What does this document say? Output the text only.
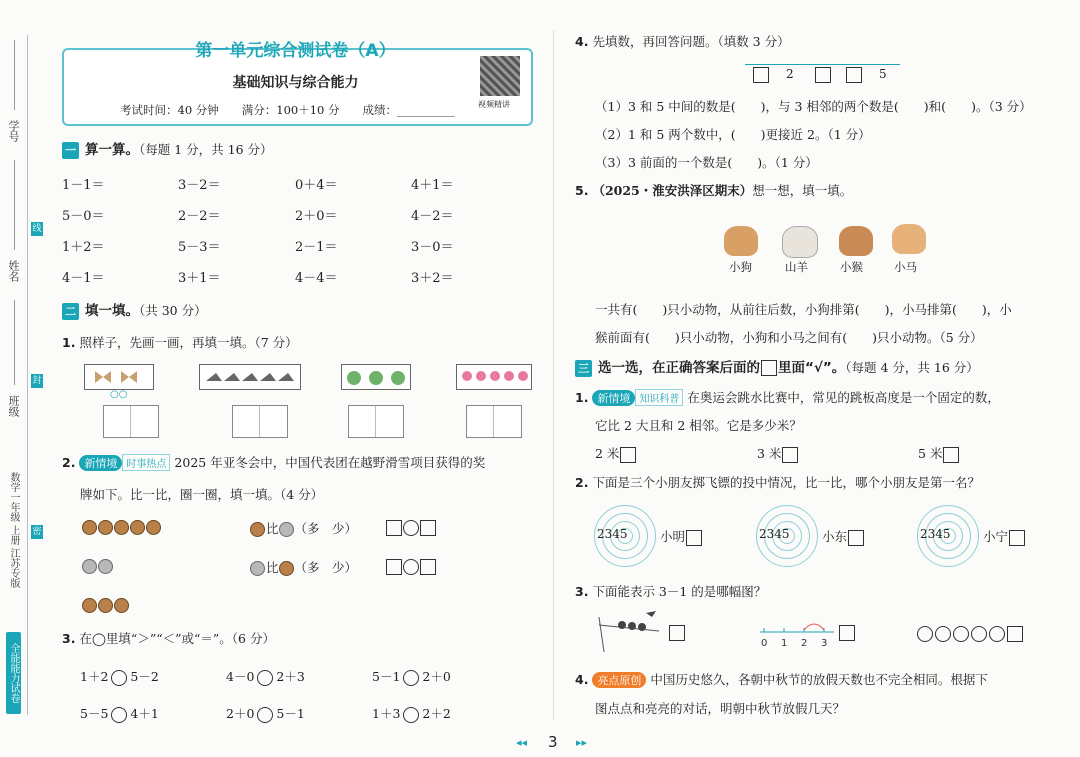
学号
姓名
班级
数学一年级 上册 江苏专版
全能能力试卷
线
封
密
第一单元综合测试卷（A）
基础知识与综合能力
考试时间：40 分钟　　满分：100＋10 分　　成绩：__________	视频精讲
一 算一算。（每题 1 分，共 16 分）
1－1＝	3－2＝	0＋4＝	4＋1＝
5－0＝	2－2＝	2＋0＝	4－2＝
1＋2＝	5－3＝	2－1＝	3－0＝
4－1＝	3＋1＝	4－4＝	3＋2＝
二 填一填。（共 30 分）
1. 照样子，先画一画，再填一填。（7 分）
○○
2. 新情境 时事热点 2025 年亚冬会中，中国代表团在越野滑雪项目获得的奖
牌如下。比一比，圈一圈，填一填。（4 分）
比 （多　少）
比 （多　少）
3. 在◯里填“＞”“＜”或“＝”。（6 分）
1＋2 5－2	4－0 2＋3	5－1 2＋0
5－5 4＋1	2＋0 5－1	1＋3 2＋2
4. 先填数，再回答问题。（填数 3 分）
2	5
（1）3 和 5 中间的数是(　　)，与 3 相邻的两个数是(　　)和(　　)。（3 分）
（2）1 和 5 两个数中，(　　)更接近 2。（1 分）
（3）3 前面的一个数是(　　)。（1 分）
5. （2025・淮安洪泽区期末）想一想，填一填。
小狗	山羊	小猴	小马
一共有(　　)只小动物，从前往后数，小狗排第(　　)，小马排第(　　)，小
猴前面有(　　)只小动物，小狗和小马之间有(　　)只小动物。（5 分）
三 选一选，在正确答案后面的 里面“√”。（每题 4 分，共 16 分）
1. 新情境 知识科普 在奥运会跳水比赛中，常见的跳板高度是一个固定的数，
它比 2 大且和 2 相邻。它是多少米？
2 米	3 米	5 米
2. 下面是三个小朋友掷飞镖的投中情况，比一比，哪个小朋友是第一名？
2345	小明	2345	小东	2345	小宁
3. 下面能表示 3－1 的是哪幅图？
0 1 2 3
4. 亮点原创 中国历史悠久，各朝中秋节的放假天数也不完全相同。根据下
图点点和亮亮的对话，明朝中秋节放假几天？
◂◂ 3 ▸▸
